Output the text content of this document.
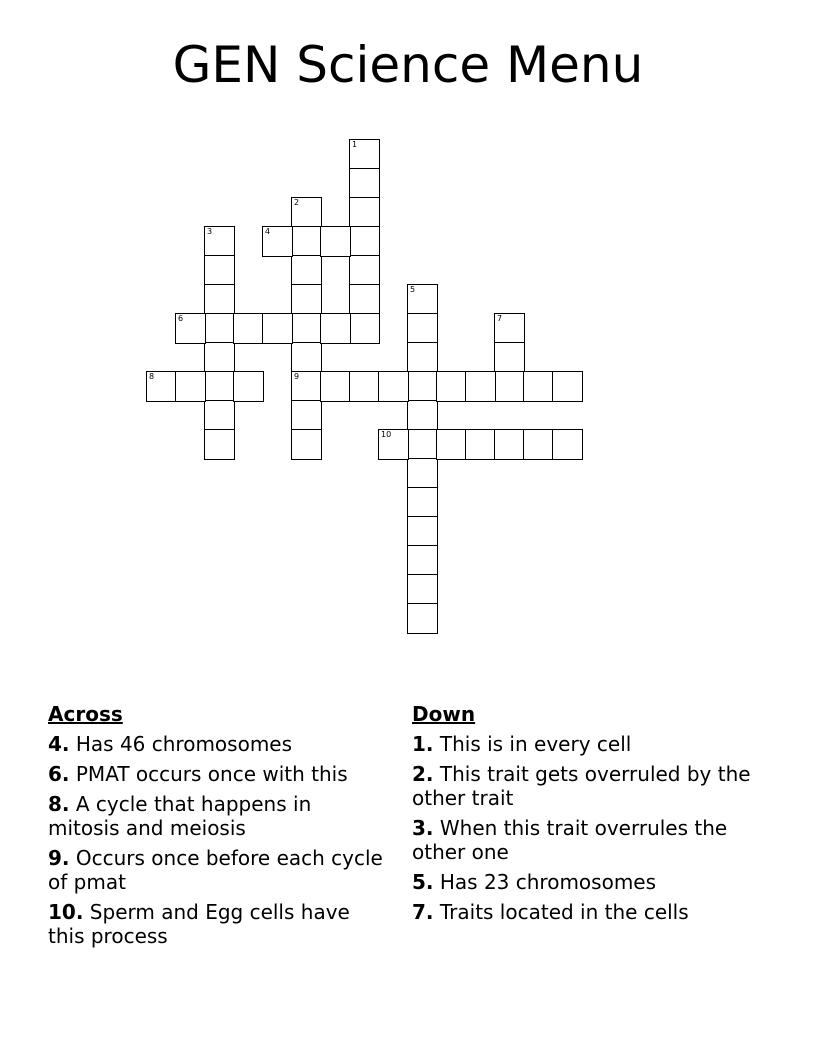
GEN Science Menu
1
2
9
3	4
5
6	7
8
10
Across
4. Has 46 chromosomes
6. PMAT occurs once with this
8. A cycle that happens in mitosis and meiosis
9. Occurs once before each cycle of pmat
10. Sperm and Egg cells have this process
Down
1. This is in every cell
2. This trait gets overruled by the other trait
3. When this trait overrules the other one
5. Has 23 chromosomes
7. Traits located in the cells
